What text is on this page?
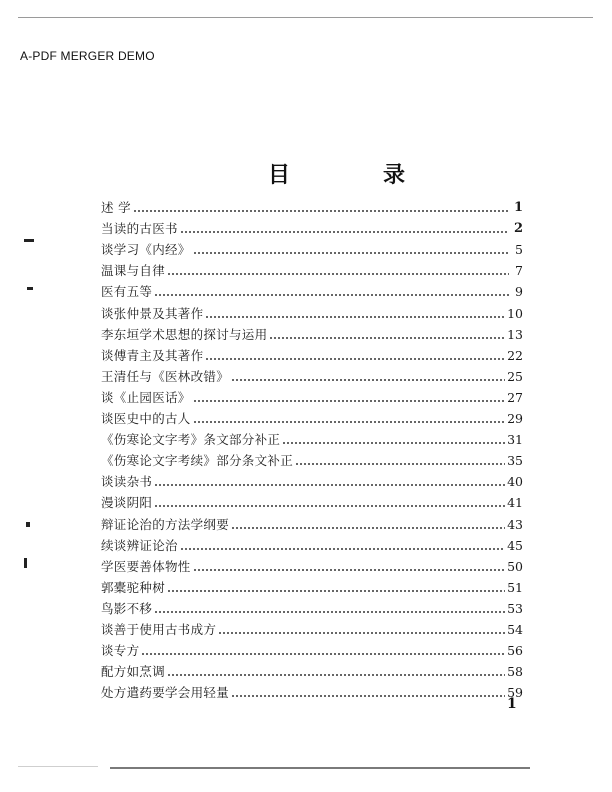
A-PDF MERGER DEMO
目	录
述 学	1
当读的古医书	2
谈学习《内经》	5
温课与自律	7
医有五等	9
谈张仲景及其著作	10
李东垣学术思想的探讨与运用	13
谈傅青主及其著作	22
王清任与《医林改错》	25
谈《止园医话》	27
谈医史中的古人	29
《伤寒论文字考》条文部分补正	31
《伤寒论文字考续》部分条文补正	35
谈读杂书	40
漫谈阴阳	41
辩证论治的方法学纲要	43
续谈辨证论治	45
学医要善体物性	50
郭橐驼种树	51
鸟影不移	53
谈善于使用古书成方	54
谈专方	56
配方如烹调	58
处方遣药要学会用轻量	59
1
